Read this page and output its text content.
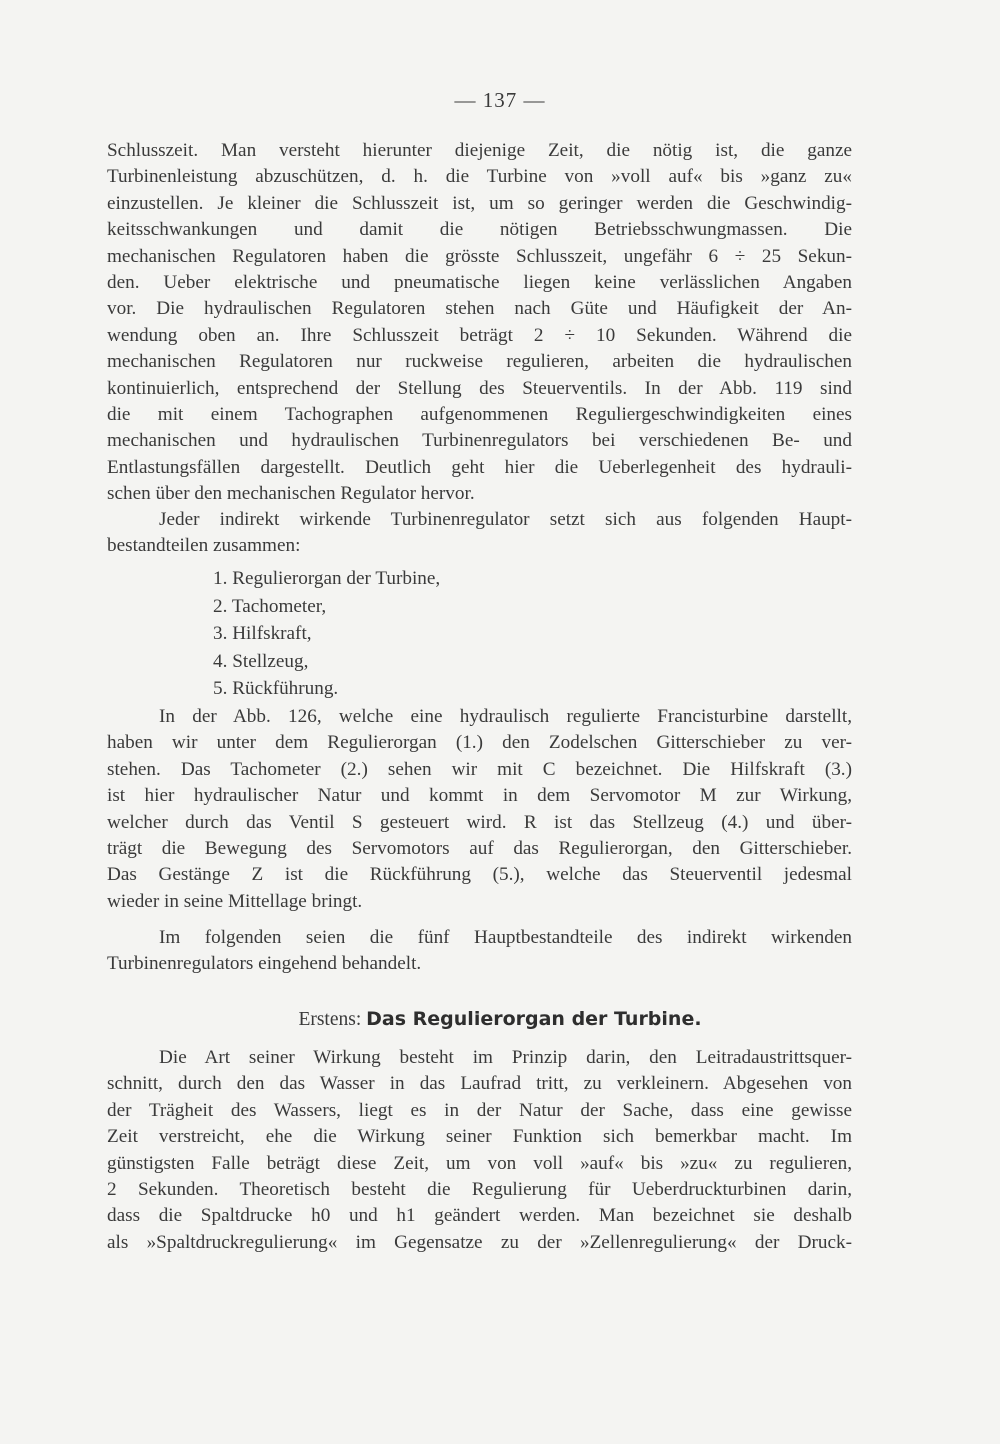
— 137 —
Schlusszeit. Man versteht hierunter diejenige Zeit, die nötig ist, die ganze
Turbinenleistung abzuschützen, d. h. die Turbine von »voll auf« bis »ganz zu«
einzustellen. Je kleiner die Schlusszeit ist, um so geringer werden die Geschwindig-
keitsschwankungen und damit die nötigen Betriebsschwungmassen. Die
mechanischen Regulatoren haben die grösste Schlusszeit, ungefähr 6 ÷ 25 Sekun-
den. Ueber elektrische und pneumatische liegen keine verlässlichen Angaben
vor. Die hydraulischen Regulatoren stehen nach Güte und Häufigkeit der An-
wendung oben an. Ihre Schlusszeit beträgt 2 ÷ 10 Sekunden. Während die
mechanischen Regulatoren nur ruckweise regulieren, arbeiten die hydraulischen
kontinuierlich, entsprechend der Stellung des Steuerventils. In der Abb. 119 sind
die mit einem Tachographen aufgenommenen Reguliergeschwindigkeiten eines
mechanischen und hydraulischen Turbinenregulators bei verschiedenen Be- und
Entlastungsfällen dargestellt. Deutlich geht hier die Ueberlegenheit des hydrauli-
schen über den mechanischen Regulator hervor.
Jeder indirekt wirkende Turbinenregulator setzt sich aus folgenden Haupt-
bestandteilen zusammen:
1. Regulierorgan der Turbine,
2. Tachometer,
3. Hilfskraft,
4. Stellzeug,
5. Rückführung.
In der Abb. 126, welche eine hydraulisch regulierte Francisturbine darstellt,
haben wir unter dem Regulierorgan (1.) den Zodelschen Gitterschieber zu ver-
stehen. Das Tachometer (2.) sehen wir mit C bezeichnet. Die Hilfskraft (3.)
ist hier hydraulischer Natur und kommt in dem Servomotor M zur Wirkung,
welcher durch das Ventil S gesteuert wird. R ist das Stellzeug (4.) und über-
trägt die Bewegung des Servomotors auf das Regulierorgan, den Gitterschieber.
Das Gestänge Z ist die Rückführung (5.), welche das Steuerventil jedesmal
wieder in seine Mittellage bringt.
Im folgenden seien die fünf Hauptbestandteile des indirekt wirkenden
Turbinenregulators eingehend behandelt.
Erstens: Das Regulierorgan der Turbine.
Die Art seiner Wirkung besteht im Prinzip darin, den Leitradaustrittsquer-
schnitt, durch den das Wasser in das Laufrad tritt, zu verkleinern. Abgesehen von
der Trägheit des Wassers, liegt es in der Natur der Sache, dass eine gewisse
Zeit verstreicht, ehe die Wirkung seiner Funktion sich bemerkbar macht. Im
günstigsten Falle beträgt diese Zeit, um von voll »auf« bis »zu« zu regulieren,
2 Sekunden. Theoretisch besteht die Regulierung für Ueberdruckturbinen darin,
dass die Spaltdrucke h0 und h1 geändert werden. Man bezeichnet sie deshalb
als »Spaltdruckregulierung« im Gegensatze zu der »Zellenregulierung« der Druck-
